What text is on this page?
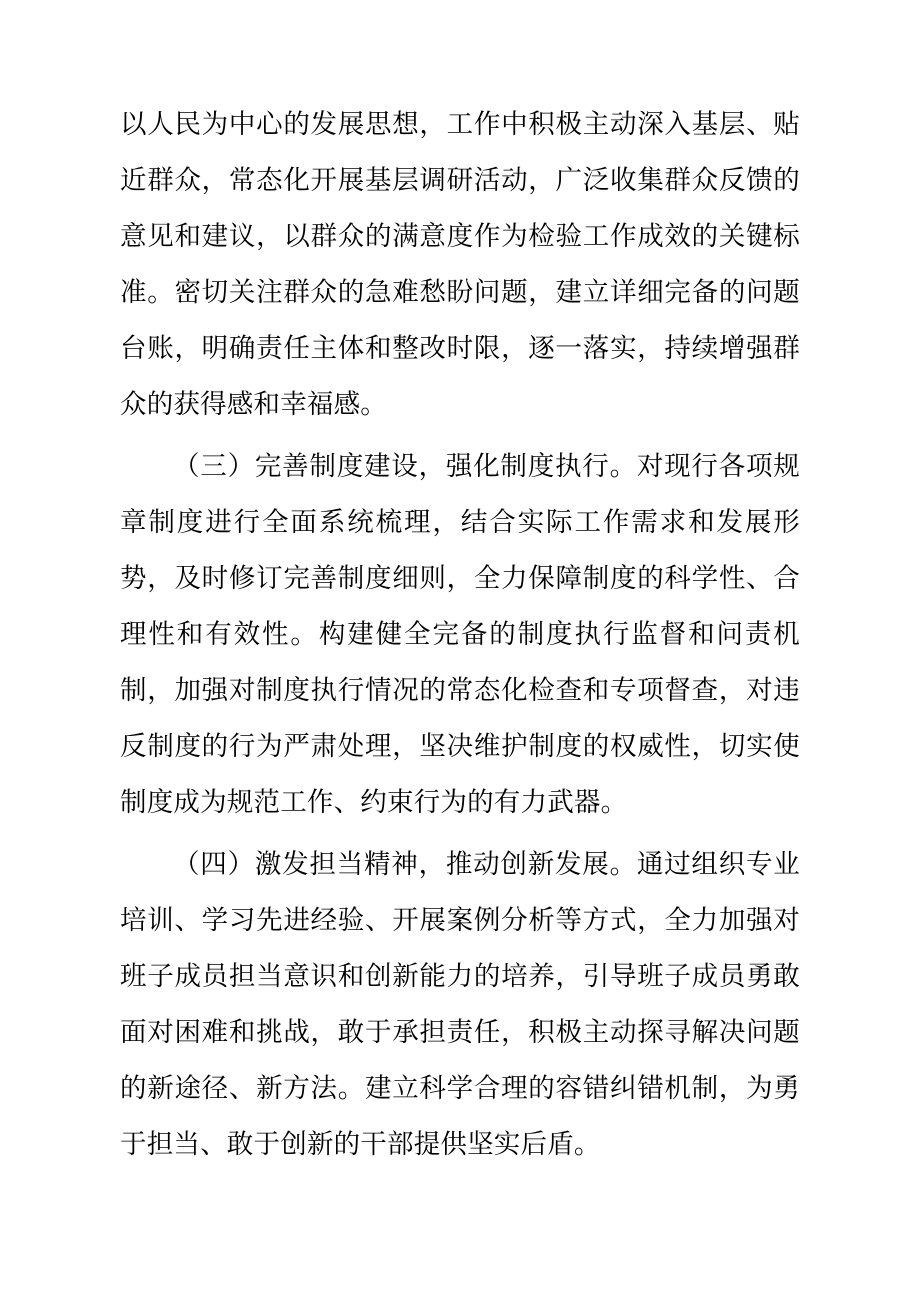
以人民为中心的发展思想，工作中积极主动深入基层、贴近群众，常态化开展基层调研活动，广泛收集群众反馈的意见和建议，以群众的满意度作为检验工作成效的关键标准。密切关注群众的急难愁盼问题，建立详细完备的问题台账，明确责任主体和整改时限，逐一落实，持续增强群众的获得感和幸福感。

（三）完善制度建设，强化制度执行。对现行各项规章制度进行全面系统梳理，结合实际工作需求和发展形势，及时修订完善制度细则，全力保障制度的科学性、合理性和有效性。构建健全完备的制度执行监督和问责机制，加强对制度执行情况的常态化检查和专项督查，对违反制度的行为严肃处理，坚决维护制度的权威性，切实使制度成为规范工作、约束行为的有力武器。

（四）激发担当精神，推动创新发展。通过组织专业培训、学习先进经验、开展案例分析等方式，全力加强对班子成员担当意识和创新能力的培养，引导班子成员勇敢面对困难和挑战，敢于承担责任，积极主动探寻解决问题的新途径、新方法。建立科学合理的容错纠错机制，为勇于担当、敢于创新的干部提供坚实后盾。
